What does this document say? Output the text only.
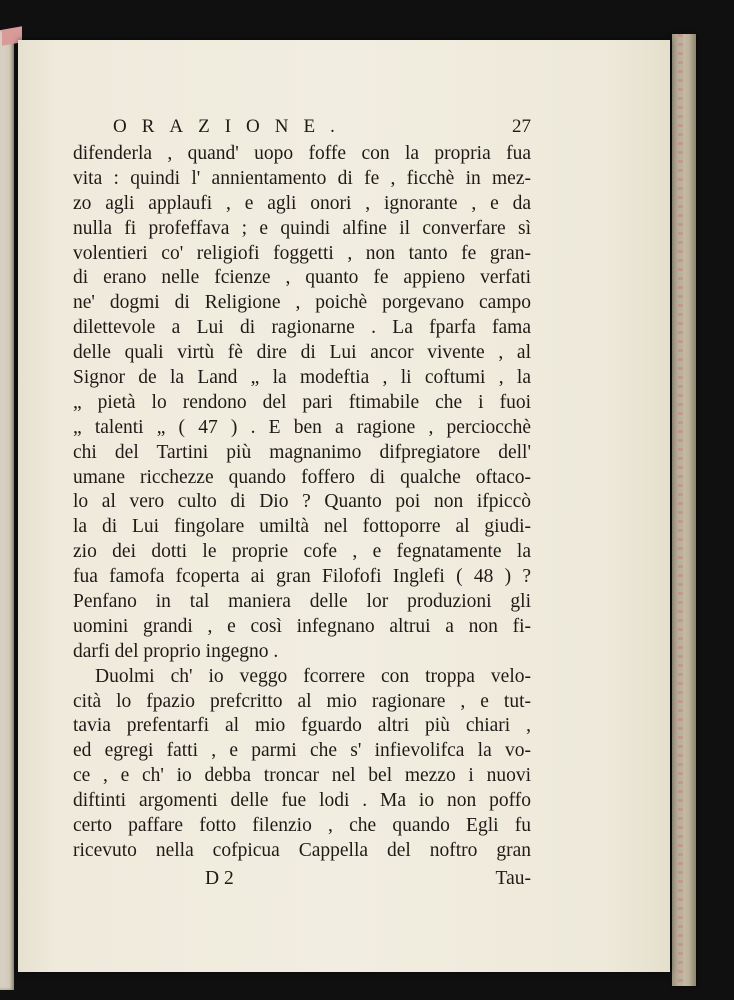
ORAZIONE.	27
difenderla , quand' uopo foffe con la propria fua
vita : quindi l' annientamento di fe , ficchè in mez-
zo agli applaufi , e agli onori , ignorante , e da
nulla fi profeffava ; e quindi alfine il converfare sì
volentieri co' religiofi foggetti , non tanto fe gran-
di erano nelle fcienze , quanto fe appieno verfati
ne' dogmi di Religione , poichè porgevano campo
dilettevole a Lui di ragionarne . La fparfa fama
delle quali virtù fè dire di Lui ancor vivente , al
Signor de la Land „ la modeftia , li coftumi , la
„ pietà lo rendono del pari ftimabile che i fuoi
„ talenti „ ( 47 ) . E ben a ragione , perciocchè
chi del Tartini più magnanimo difpregiatore dell'
umane ricchezze quando foffero di qualche oftaco-
lo al vero culto di Dio ? Quanto poi non ifpiccò
la di Lui fingolare umiltà nel fottoporre al giudi-
zio dei dotti le proprie cofe , e fegnatamente la
fua famofa fcoperta ai gran Filofofi Inglefi ( 48 ) ?
Penfano in tal maniera delle lor produzioni gli
uomini grandi , e così infegnano altrui a non fi-
darfi del proprio ingegno .
Duolmi ch' io veggo fcorrere con troppa velo-
cità lo fpazio prefcritto al mio ragionare , e tut-
tavia prefentarfi al mio fguardo altri più chiari ,
ed egregi fatti , e parmi che s' infievolifca la vo-
ce , e ch' io debba troncar nel bel mezzo i nuovi
diftinti argomenti delle fue lodi . Ma io non poffo
certo paffare fotto filenzio , che quando Egli fu
ricevuto nella cofpicua Cappella del noftro gran
D 2	Tau-
